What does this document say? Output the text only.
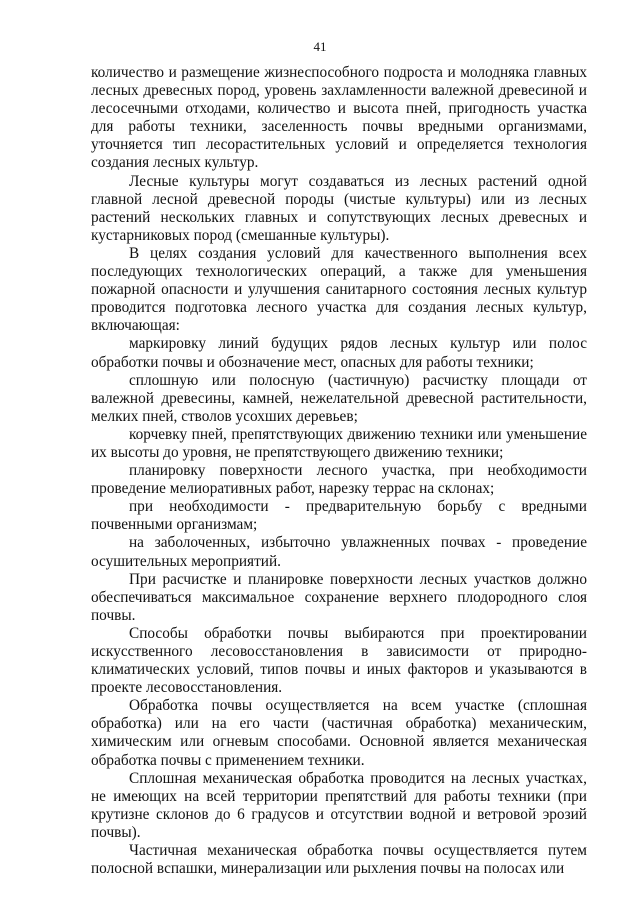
41

количество и размещение жизнеспособного подроста и молодняка главных лесных древесных пород, уровень захламленности валежной древесиной и лесосечными отходами, количество и высота пней, пригодность участка для работы техники, заселенность почвы вредными организмами, уточняется тип лесорастительных условий и определяется технология создания лесных культур.

Лесные культуры могут создаваться из лесных растений одной главной лесной древесной породы (чистые культуры) или из лесных растений нескольких главных и сопутствующих лесных древесных и кустарниковых пород (смешанные культуры).

В целях создания условий для качественного выполнения всех последующих технологических операций, а также для уменьшения пожарной опасности и улучшения санитарного состояния лесных культур проводится подготовка лесного участка для создания лесных культур, включающая:

маркировку линий будущих рядов лесных культур или полос обработки почвы и обозначение мест, опасных для работы техники;

сплошную или полосную (частичную) расчистку площади от валежной древесины, камней, нежелательной древесной растительности, мелких пней, стволов усохших деревьев;

корчевку пней, препятствующих движению техники или уменьшение их высоты до уровня, не препятствующего движению техники;

планировку поверхности лесного участка, при необходимости проведение мелиоративных работ, нарезку террас на склонах;

при необходимости - предварительную борьбу с вредными почвенными организмам;

на заболоченных, избыточно увлажненных почвах - проведение осушительных мероприятий.

При расчистке и планировке поверхности лесных участков должно обеспечиваться максимальное сохранение верхнего плодородного слоя почвы.

Способы обработки почвы выбираются при проектировании искусственного лесовосстановления в зависимости от природно-климатических условий, типов почвы и иных факторов и указываются в проекте лесовосстановления.

Обработка почвы осуществляется на всем участке (сплошная обработка) или на его части (частичная обработка) механическим, химическим или огневым способами. Основной является механическая обработка почвы с применением техники.

Сплошная механическая обработка проводится на лесных участках, не имеющих на всей территории препятствий для работы техники (при крутизне склонов до 6 градусов и отсутствии водной и ветровой эрозий почвы).

Частичная механическая обработка почвы осуществляется путем полосной вспашки, минерализации или рыхления почвы на полосах или
